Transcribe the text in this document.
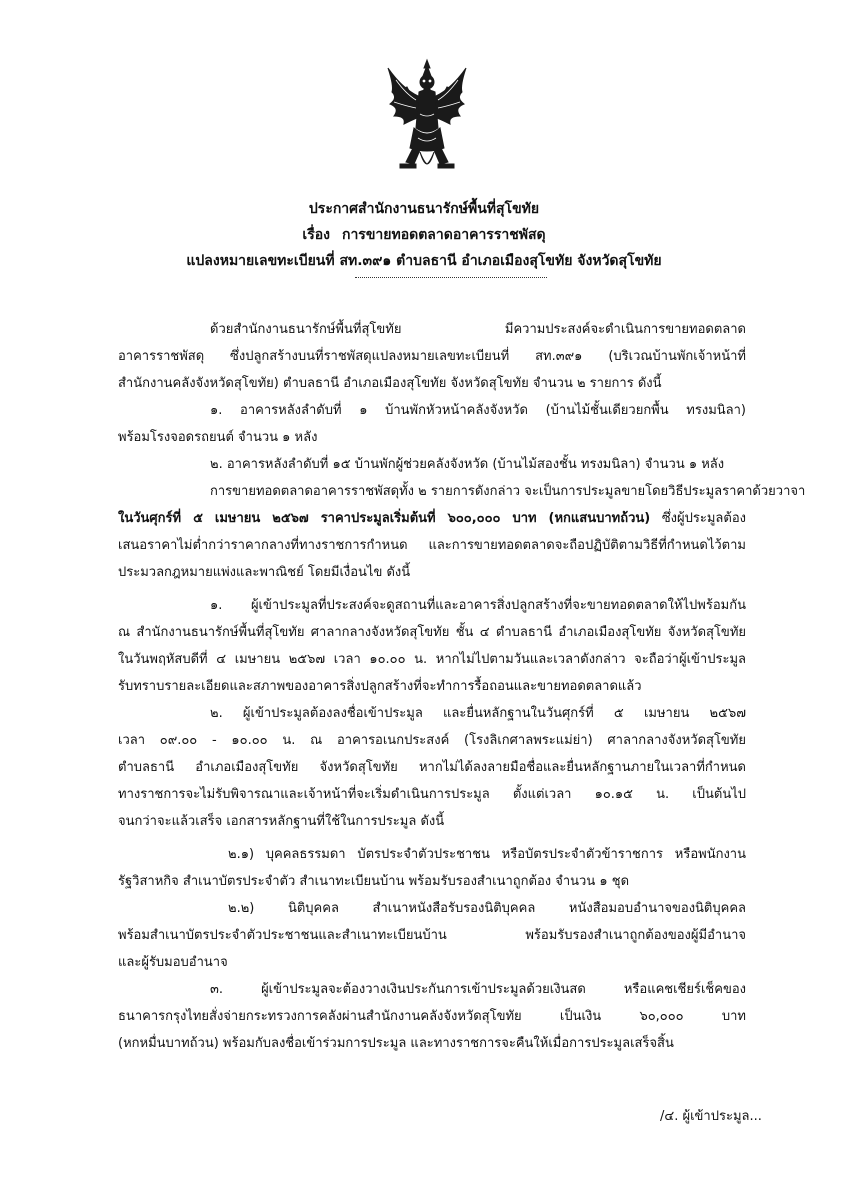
ประกาศสำนักงานธนารักษ์พื้นที่สุโขทัย
เรื่อง การขายทอดตลาดอาคารราชพัสดุ
แปลงหมายเลขทะเบียนที่ สท.๓๙๑ ตำบลธานี อำเภอเมืองสุโขทัย จังหวัดสุโขทัย

ด้วยสำนักงานธนารักษ์พื้นที่สุโขทัย มีความประสงค์จะดำเนินการขายทอดตลาด

อาคารราชพัสดุ ซึ่งปลูกสร้างบนที่ราชพัสดุแปลงหมายเลขทะเบียนที่ สท.๓๙๑ (บริเวณบ้านพักเจ้าหน้าที่

สำนักงานคลังจังหวัดสุโขทัย) ตำบลธานี อำเภอเมืองสุโขทัย จังหวัดสุโขทัย จำนวน ๒ รายการ ดังนี้

๑. อาคารหลังลำดับที่ ๑ บ้านพักหัวหน้าคลังจังหวัด (บ้านไม้ชั้นเดียวยกพื้น ทรงมนิลา)

พร้อมโรงจอดรถยนต์ จำนวน ๑ หลัง

๒. อาคารหลังลำดับที่ ๑๕ บ้านพักผู้ช่วยคลังจังหวัด (บ้านไม้สองชั้น ทรงมนิลา) จำนวน ๑ หลัง

การขายทอดตลาดอาคารราชพัสดุทั้ง ๒ รายการดังกล่าว จะเป็นการประมูลขายโดยวิธีประมูลราคาด้วยวาจา

ในวันศุกร์ที่ ๕ เมษายน ๒๕๖๗ ราคาประมูลเริ่มต้นที่ ๖๐๐,๐๐๐ บาท (หกแสนบาทถ้วน) ซึ่งผู้ประมูลต้อง

เสนอราคาไม่ต่ำกว่าราคากลางที่ทางราชการกำหนด และการขายทอดตลาดจะถือปฏิบัติตามวิธีที่กำหนดไว้ตาม

ประมวลกฎหมายแพ่งและพาณิชย์ โดยมีเงื่อนไข ดังนี้

๑. ผู้เข้าประมูลที่ประสงค์จะดูสถานที่และอาคารสิ่งปลูกสร้างที่จะขายทอดตลาดให้ไปพร้อมกัน

ณ สำนักงานธนารักษ์พื้นที่สุโขทัย ศาลากลางจังหวัดสุโขทัย ชั้น ๔ ตำบลธานี อำเภอเมืองสุโขทัย จังหวัดสุโขทัย

ในวันพฤหัสบดีที่ ๔ เมษายน ๒๕๖๗ เวลา ๑๐.๐๐ น. หากไม่ไปตามวันและเวลาดังกล่าว จะถือว่าผู้เข้าประมูล

รับทราบรายละเอียดและสภาพของอาคารสิ่งปลูกสร้างที่จะทำการรื้อถอนและขายทอดตลาดแล้ว

๒. ผู้เข้าประมูลต้องลงชื่อเข้าประมูล และยื่นหลักฐานในวันศุกร์ที่ ๕ เมษายน ๒๕๖๗

เวลา ๐๙.๐๐ - ๑๐.๐๐ น. ณ อาคารอเนกประสงค์ (โรงลิเกศาลพระแม่ย่า) ศาลากลางจังหวัดสุโขทัย

ตำบลธานี อำเภอเมืองสุโขทัย จังหวัดสุโขทัย หากไม่ได้ลงลายมือชื่อและยื่นหลักฐานภายในเวลาที่กำหนด

ทางราชการจะไม่รับพิจารณาและเจ้าหน้าที่จะเริ่มดำเนินการประมูล ตั้งแต่เวลา ๑๐.๑๕ น. เป็นต้นไป

จนกว่าจะแล้วเสร็จ เอกสารหลักฐานที่ใช้ในการประมูล ดังนี้

๒.๑) บุคคลธรรมดา บัตรประจำตัวประชาชน หรือบัตรประจำตัวข้าราชการ หรือพนักงาน

รัฐวิสาหกิจ สำเนาบัตรประจำตัว สำเนาทะเบียนบ้าน พร้อมรับรองสำเนาถูกต้อง จำนวน ๑ ชุด

๒.๒) นิติบุคคล สำเนาหนังสือรับรองนิติบุคคล หนังสือมอบอำนาจของนิติบุคคล

พร้อมสำเนาบัตรประจำตัวประชาชนและสำเนาทะเบียนบ้าน พร้อมรับรองสำเนาถูกต้องของผู้มีอำนาจ

และผู้รับมอบอำนาจ

๓. ผู้เข้าประมูลจะต้องวางเงินประกันการเข้าประมูลด้วยเงินสด หรือแคชเชียร์เช็คของ

ธนาคารกรุงไทยสั่งจ่ายกระทรวงการคลังผ่านสำนักงานคลังจังหวัดสุโขทัย เป็นเงิน ๖๐,๐๐๐ บาท

(หกหมื่นบาทถ้วน) พร้อมกับลงชื่อเข้าร่วมการประมูล และทางราชการจะคืนให้เมื่อการประมูลเสร็จสิ้น

/๔. ผู้เข้าประมูล...
